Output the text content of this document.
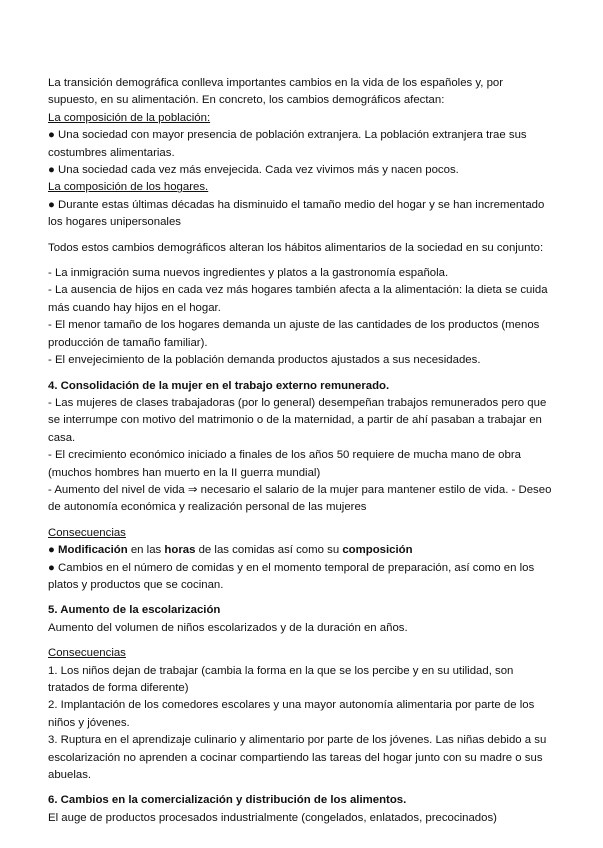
La transición demográfica conlleva importantes cambios en la vida de los españoles y, por supuesto, en su alimentación. En concreto, los cambios demográficos afectan:

La composición de la población:

● Una sociedad con mayor presencia de población extranjera. La población extranjera trae sus costumbres alimentarias.

● Una sociedad cada vez más envejecida. Cada vez vivimos más y nacen pocos.

La composición de los hogares.

● Durante estas últimas décadas ha disminuido el tamaño medio del hogar y se han incrementado los hogares unipersonales

Todos estos cambios demográficos alteran los hábitos alimentarios de la sociedad en su conjunto:

- La inmigración suma nuevos ingredientes y platos a la gastronomía española.

- La ausencia de hijos en cada vez más hogares también afecta a la alimentación: la dieta se cuida más cuando hay hijos en el hogar.

- El menor tamaño de los hogares demanda un ajuste de las cantidades de los productos (menos producción de tamaño familiar).

- El envejecimiento de la población demanda productos ajustados a sus necesidades.

4. Consolidación de la mujer en el trabajo externo remunerado.

- Las mujeres de clases trabajadoras (por lo general) desempeñan trabajos remunerados pero que se interrumpe con motivo del matrimonio o de la maternidad, a partir de ahí pasaban a trabajar en casa.

- El crecimiento económico iniciado a finales de los años 50 requiere de mucha mano de obra (muchos hombres han muerto en la II guerra mundial)

- Aumento del nivel de vida ⇒ necesario el salario de la mujer para mantener estilo de vida. - Deseo de autonomía económica y realización personal de las mujeres

Consecuencias

● Modificación en las horas de las comidas así como su composición

● Cambios en el número de comidas y en el momento temporal de preparación, así como en los platos y productos que se cocinan.

5. Aumento de la escolarización

Aumento del volumen de niños escolarizados y de la duración en años.

Consecuencias

1. Los niños dejan de trabajar (cambia la forma en la que se los percibe y en su utilidad, son tratados de forma diferente)

2. Implantación de los comedores escolares y una mayor autonomía alimentaria por parte de los niños y jóvenes.

3. Ruptura en el aprendizaje culinario y alimentario por parte de los jóvenes. Las niñas debido a su escolarización no aprenden a cocinar compartiendo las tareas del hogar junto con su madre o sus abuelas.

6. Cambios en la comercialización y distribución de los alimentos.

El auge de productos procesados industrialmente (congelados, enlatados, precocinados)
